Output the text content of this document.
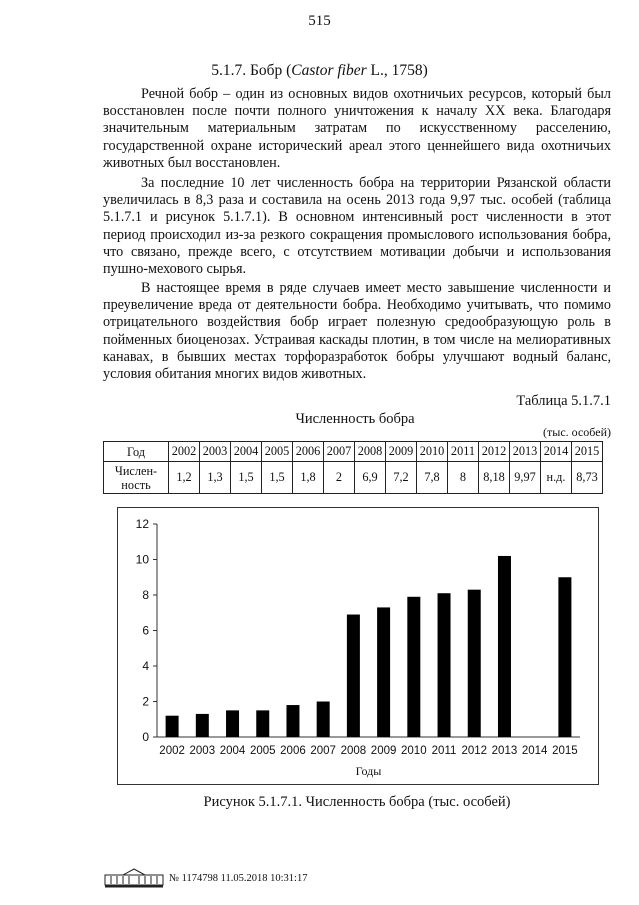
515
5.1.7. Бобр (Castor fiber L., 1758)

Речной бобр – один из основных видов охотничьих ресурсов, который был восстановлен после почти полного уничтожения к началу XX века. Благодаря значительным материальным затратам по искусственному расселению, государственной охране исторический ареал этого ценнейшего вида охотничьих животных был восстановлен.

За последние 10 лет численность бобра на территории Рязанской области увеличилась в 8,3 раза и составила на осень 2013 года 9,97 тыс. особей (таблица 5.1.7.1 и рисунок 5.1.7.1). В основном интенсивный рост численности в этот период происходил из-за резкого сокращения промыслового использования бобра, что связано, прежде всего, с отсутствием мотивации добычи и использования пушно-мехового сырья.

В настоящее время в ряде случаев имеет место завышение численности и преувеличение вреда от деятельности бобра. Необходимо учитывать, что помимо отрицательного воздействия бобр играет полезную средообразующую роль в пойменных биоценозах. Устраивая каскады плотин, в том числе на мелиоративных канавах, в бывших местах торфоразработок бобры улучшают водный баланс, условия обитания многих видов животных.

Таблица 5.1.7.1
Численность бобра
(тыс. особей)
Год	2002	2003	2004	2005	2006	2007	2008	2009	2010	2011	2012	2013	2014	2015
Числен-ность	1,2	1,3	1,5	1,5	1,8	2	6,9	7,2	7,8	8	8,18	9,97	н.д.	8,73
0
2
4
6
8
10
12
2002 2003 2004 2005 2006 2007 2008 2009 2010 2011 2012 2013 2014 2015
Годы
Рисунок 5.1.7.1. Численность бобра (тыс. особей)
№ 1174798 11.05.2018 10:31:17
